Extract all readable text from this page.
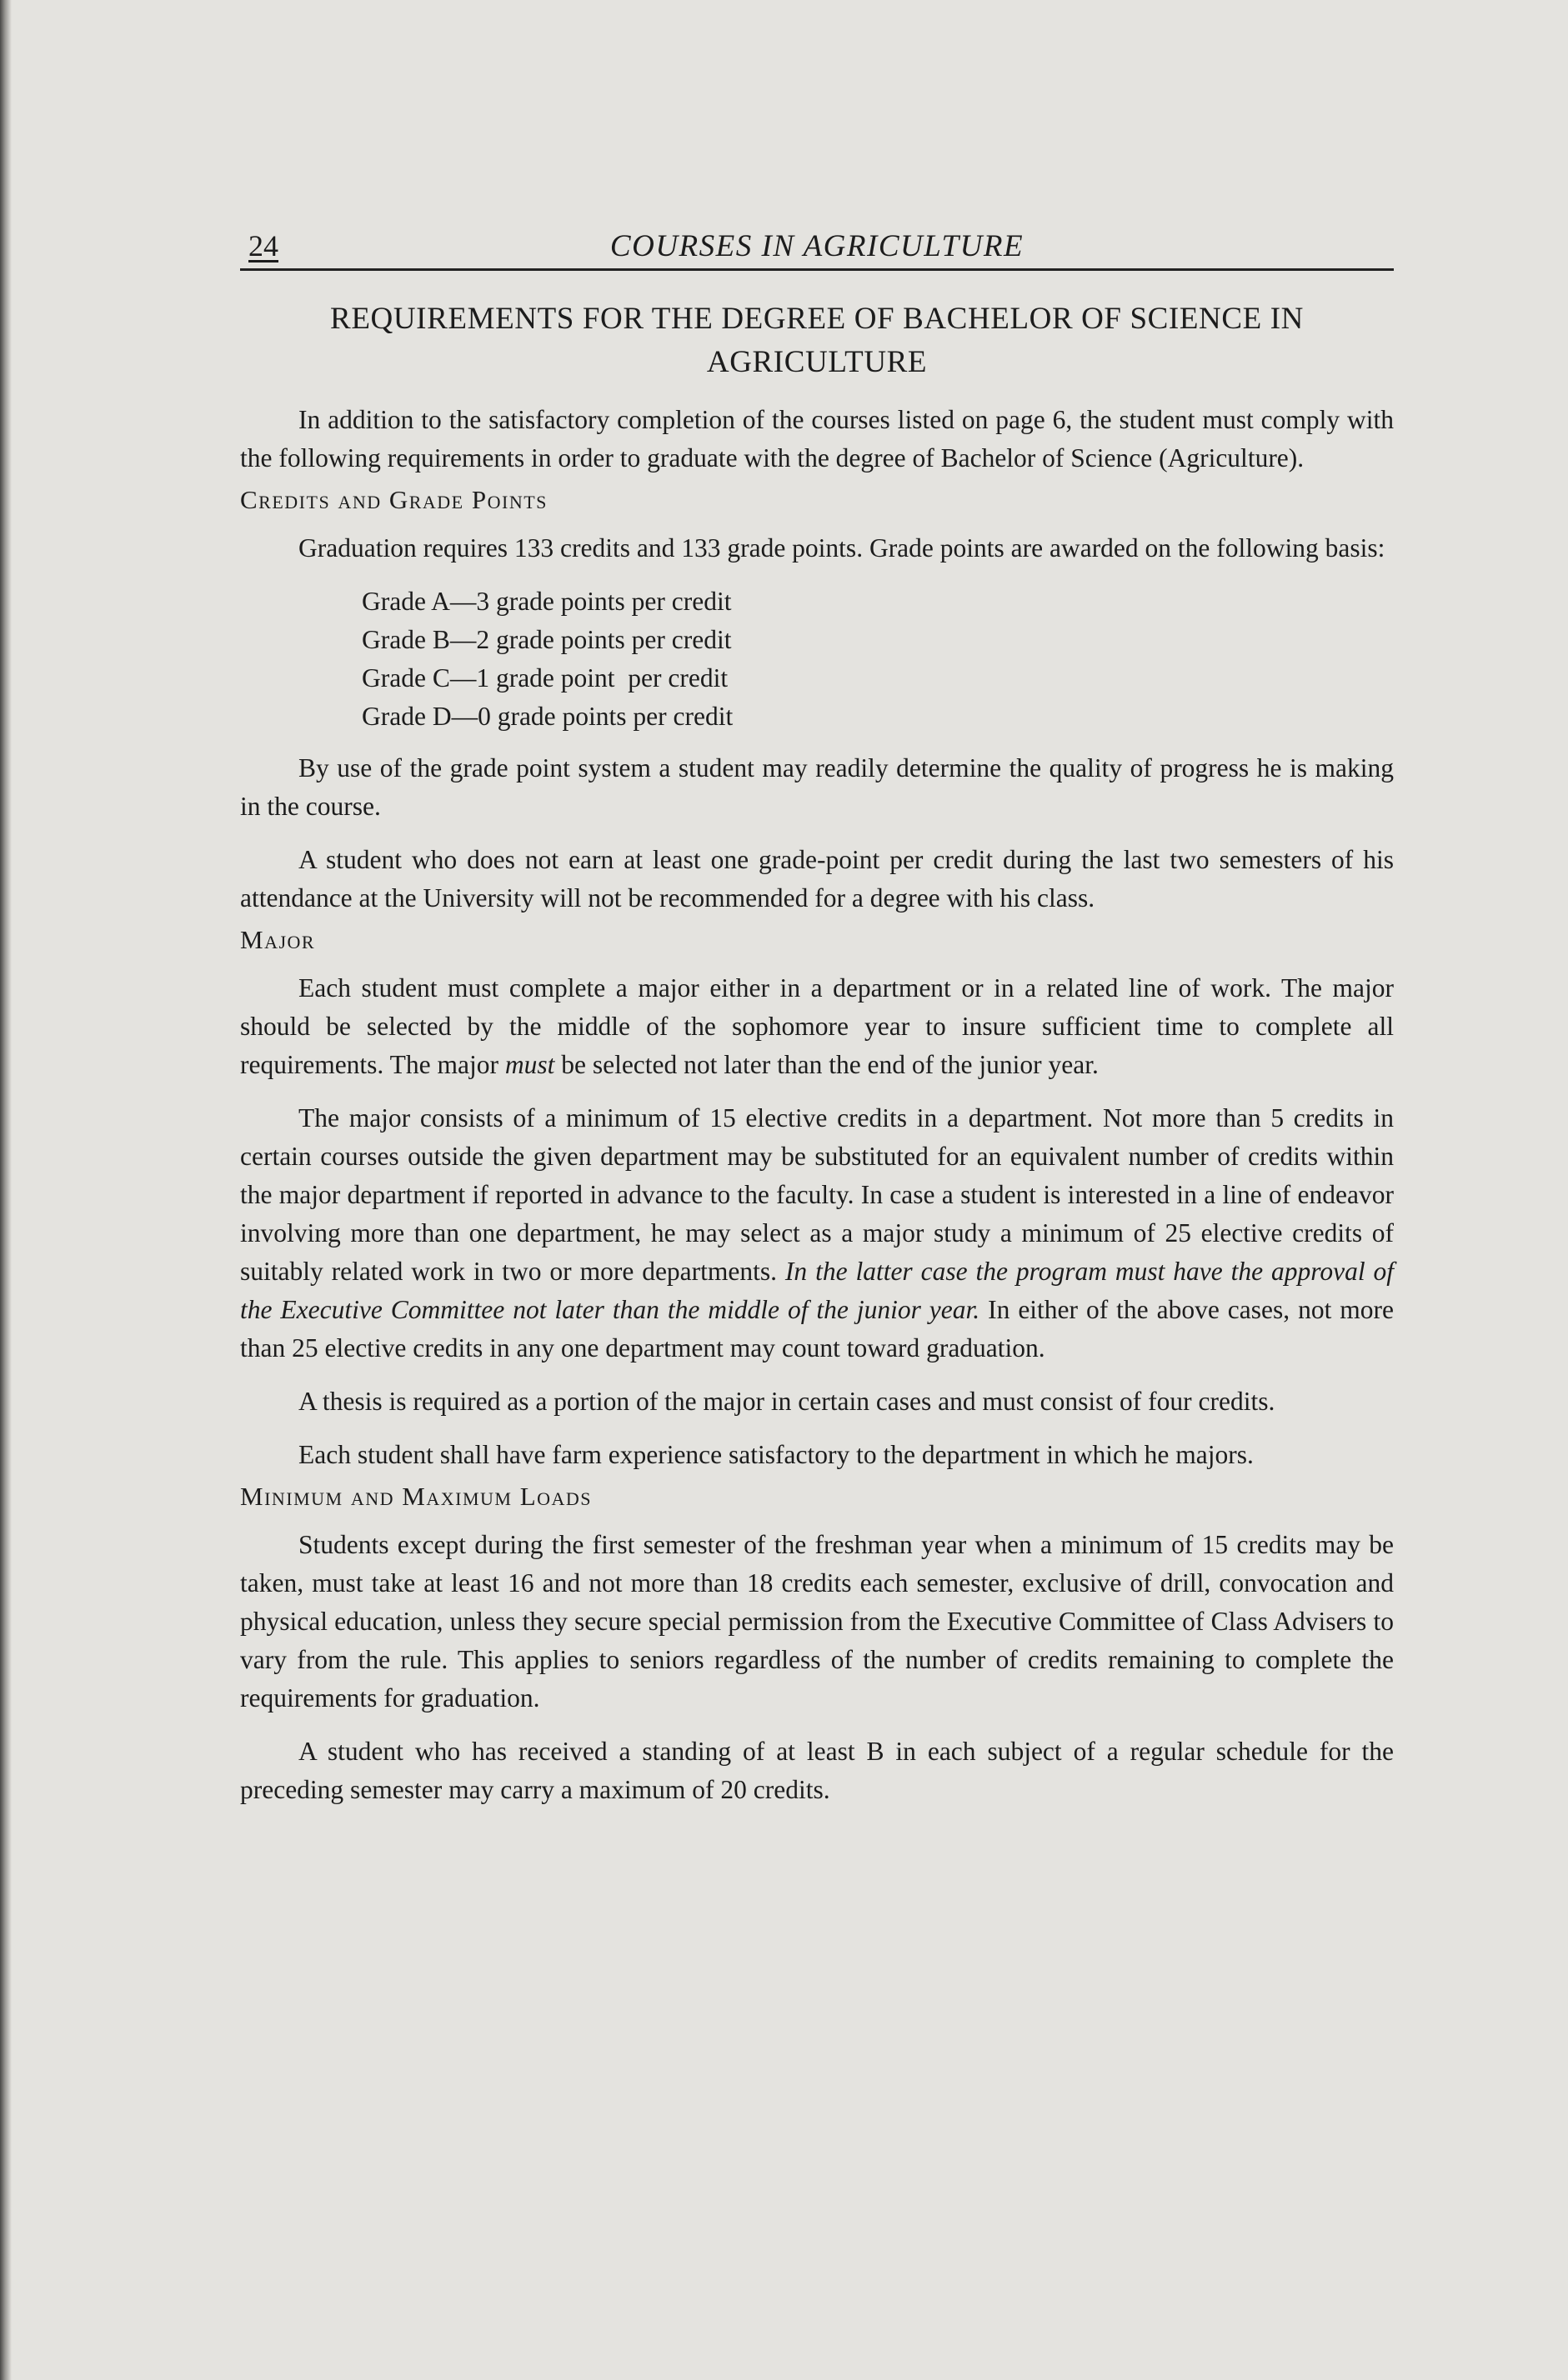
24	COURSES IN AGRICULTURE
REQUIREMENTS FOR THE DEGREE OF BACHELOR OF SCIENCE IN
AGRICULTURE

In addition to the satisfactory completion of the courses listed on page 6, the student must comply with the following requirements in order to graduate with the degree of Bachelor of Science (Agriculture).

Credits and Grade Points

Graduation requires 133 credits and 133 grade points. Grade points are awarded on the following basis:

Grade A—3 grade points per credit
Grade B—2 grade points per credit
Grade C—1 grade point  per credit
Grade D—0 grade points per credit

By use of the grade point system a student may readily determine the quality of progress he is making in the course.

A student who does not earn at least one grade-point per credit during the last two semesters of his attendance at the University will not be recommended for a degree with his class.

Major

Each student must complete a major either in a department or in a related line of work. The major should be selected by the middle of the sophomore year to insure sufficient time to complete all requirements. The major must be selected not later than the end of the junior year.

The major consists of a minimum of 15 elective credits in a department. Not more than 5 credits in certain courses outside the given department may be substituted for an equivalent number of credits within the major department if reported in advance to the faculty. In case a student is interested in a line of endeavor involving more than one department, he may select as a major study a minimum of 25 elective credits of suitably related work in two or more departments. In the latter case the program must have the approval of the Executive Committee not later than the middle of the junior year. In either of the above cases, not more than 25 elective credits in any one department may count toward graduation.

A thesis is required as a portion of the major in certain cases and must consist of four credits.

Each student shall have farm experience satisfactory to the department in which he majors.

Minimum and Maximum Loads

Students except during the first semester of the freshman year when a minimum of 15 credits may be taken, must take at least 16 and not more than 18 credits each semester, exclusive of drill, convocation and physical education, unless they secure special permission from the Executive Committee of Class Advisers to vary from the rule. This applies to seniors regardless of the number of credits remaining to complete the requirements for graduation.

A student who has received a standing of at least B in each subject of a regular schedule for the preceding semester may carry a maximum of 20 credits.
